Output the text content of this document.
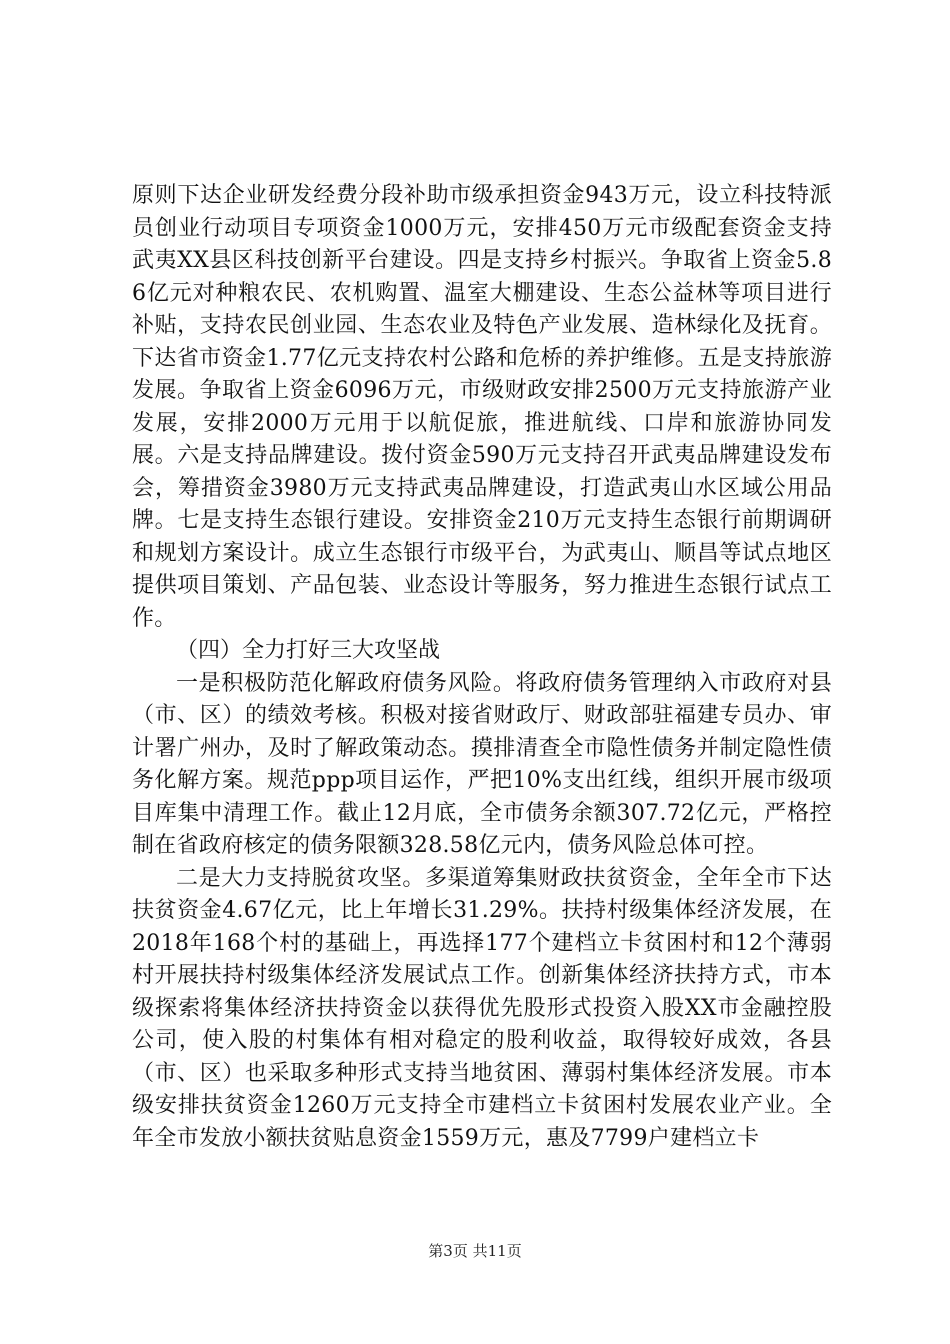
原则下达企业研发经费分段补助市级承担资金943万元，设立科技特派员创业行动项目专项资金1000万元，安排450万元市级配套资金支持武夷XX县区科技创新平台建设。四是支持乡村振兴。争取省上资金5.86亿元对种粮农民、农机购置、温室大棚建设、生态公益林等项目进行补贴，支持农民创业园、生态农业及特色产业发展、造林绿化及抚育。下达省市资金1.77亿元支持农村公路和危桥的养护维修。五是支持旅游发展。争取省上资金6096万元，市级财政安排2500万元支持旅游产业发展，安排2000万元用于以航促旅，推进航线、口岸和旅游协同发展。六是支持品牌建设。拨付资金590万元支持召开武夷品牌建设发布会，筹措资金3980万元支持武夷品牌建设，打造武夷山水区域公用品牌。七是支持生态银行建设。安排资金210万元支持生态银行前期调研和规划方案设计。成立生态银行市级平台，为武夷山、顺昌等试点地区提供项目策划、产品包装、业态设计等服务，努力推进生态银行试点工作。

（四）全力打好三大攻坚战

一是积极防范化解政府债务风险。将政府债务管理纳入市政府对县（市、区）的绩效考核。积极对接省财政厅、财政部驻福建专员办、审计署广州办，及时了解政策动态。摸排清查全市隐性债务并制定隐性债务化解方案。规范ppp项目运作，严把10%支出红线，组织开展市级项目库集中清理工作。截止12月底，全市债务余额307.72亿元，严格控制在省政府核定的债务限额328.58亿元内，债务风险总体可控。

二是大力支持脱贫攻坚。多渠道筹集财政扶贫资金，全年全市下达扶贫资金4.67亿元，比上年增长31.29%。扶持村级集体经济发展，在2018年168个村的基础上，再选择177个建档立卡贫困村和12个薄弱村开展扶持村级集体经济发展试点工作。创新集体经济扶持方式，市本级探索将集体经济扶持资金以获得优先股形式投资入股XX市金融控股公司，使入股的村集体有相对稳定的股利收益，取得较好成效，各县（市、区）也采取多种形式支持当地贫困、薄弱村集体经济发展。市本级安排扶贫资金1260万元支持全市建档立卡贫困村发展农业产业。全年全市发放小额扶贫贴息资金1559万元，惠及7799户建档立卡

第3页 共11页
